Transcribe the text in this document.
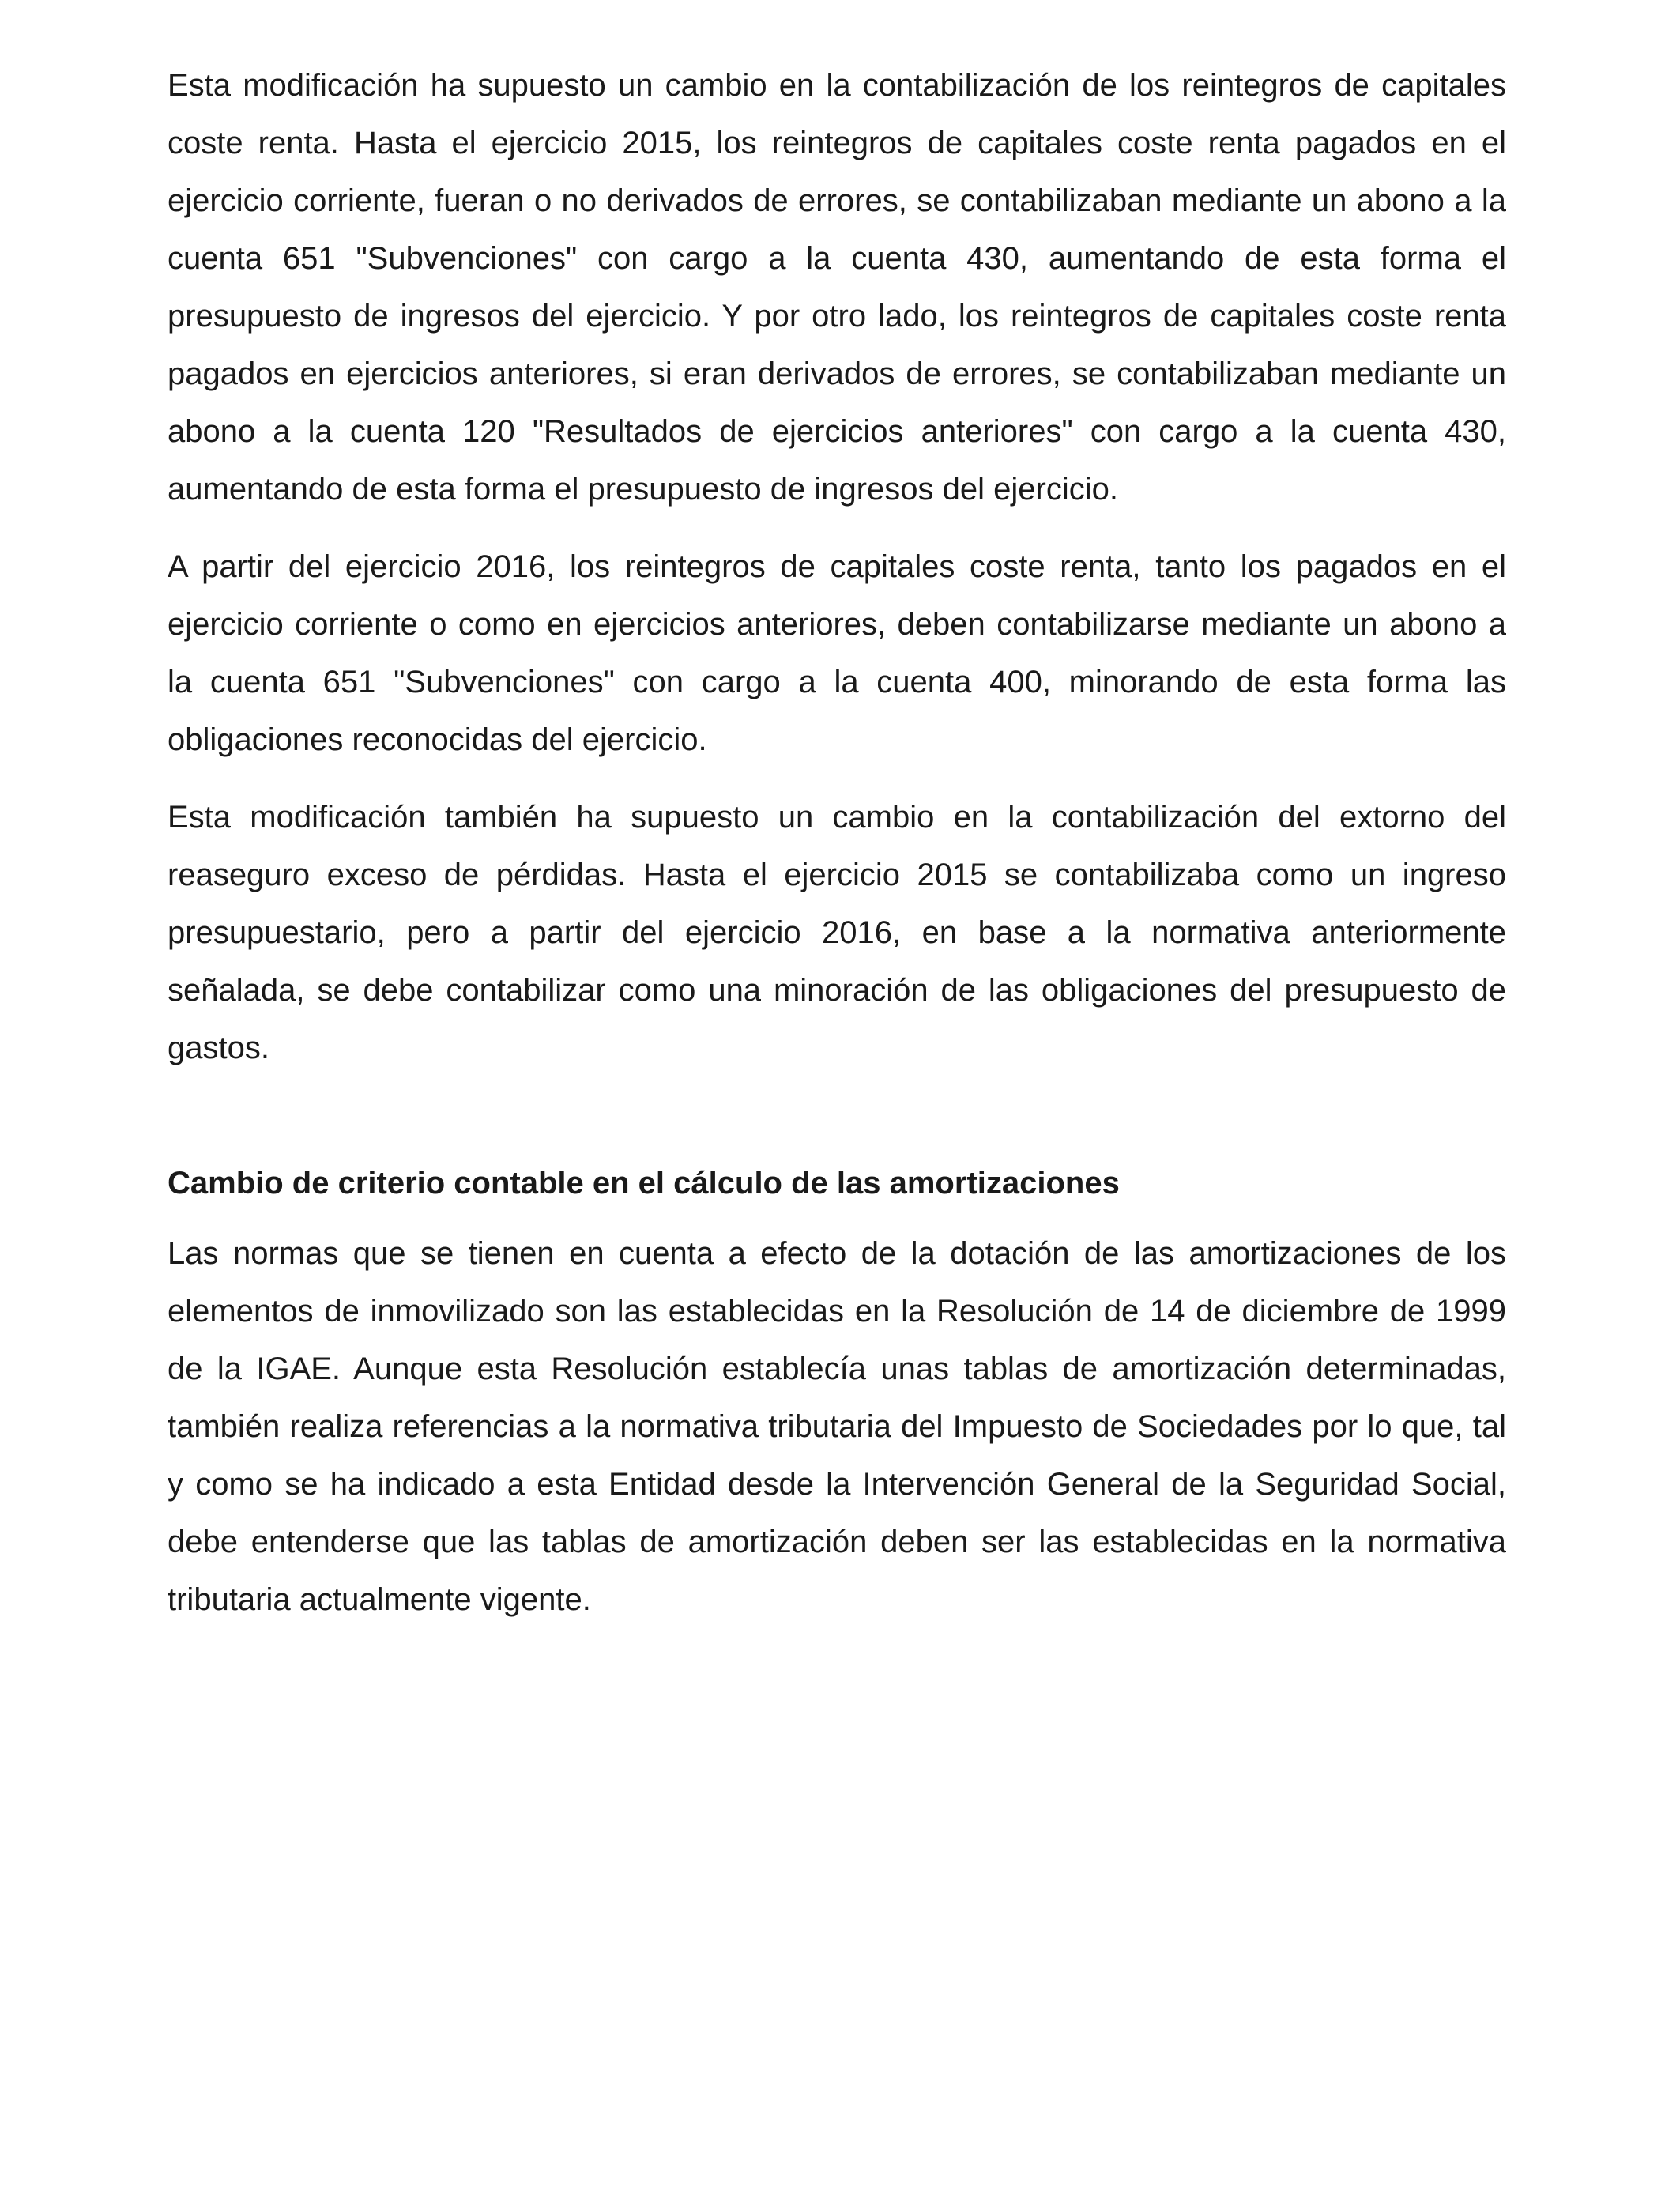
Esta modificación ha supuesto un cambio en la contabilización de los reintegros de capitales coste renta. Hasta el ejercicio 2015, los reintegros de capitales coste renta pagados en el ejercicio corriente, fueran o no derivados de errores, se contabilizaban mediante un abono a la cuenta 651 "Subvenciones" con cargo a la cuenta 430, aumentando de esta forma el presupuesto de ingresos del ejercicio. Y por otro lado, los reintegros de capitales coste renta pagados en ejercicios anteriores, si eran derivados de errores, se contabilizaban mediante un abono a la cuenta 120 "Resultados de ejercicios anteriores" con cargo a la cuenta 430, aumentando de esta forma el presupuesto de ingresos del ejercicio.

A partir del ejercicio 2016, los reintegros de capitales coste renta, tanto los pagados en el ejercicio corriente o como en ejercicios anteriores, deben contabilizarse mediante un abono a la cuenta 651 "Subvenciones" con cargo a la cuenta 400, minorando de esta forma las obligaciones reconocidas del ejercicio.

Esta modificación también ha supuesto un cambio en la contabilización del extorno del reaseguro exceso de pérdidas. Hasta el ejercicio 2015 se contabilizaba como un ingreso presupuestario, pero a partir del ejercicio 2016, en base a la normativa anteriormente señalada, se debe contabilizar como una minoración de las obligaciones del presupuesto de gastos.

Cambio de criterio contable en el cálculo de las amortizaciones

Las normas que se tienen en cuenta a efecto de la dotación de las amortizaciones de los elementos de inmovilizado son las establecidas en la Resolución de 14 de diciembre de 1999 de la IGAE. Aunque esta Resolución establecía unas tablas de amortización determinadas, también realiza referencias a la normativa tributaria del Impuesto de Sociedades por lo que, tal y como se ha indicado a esta Entidad desde la Intervención General de la Seguridad Social, debe entenderse que las tablas de amortización deben ser las establecidas en la normativa tributaria actualmente vigente.
